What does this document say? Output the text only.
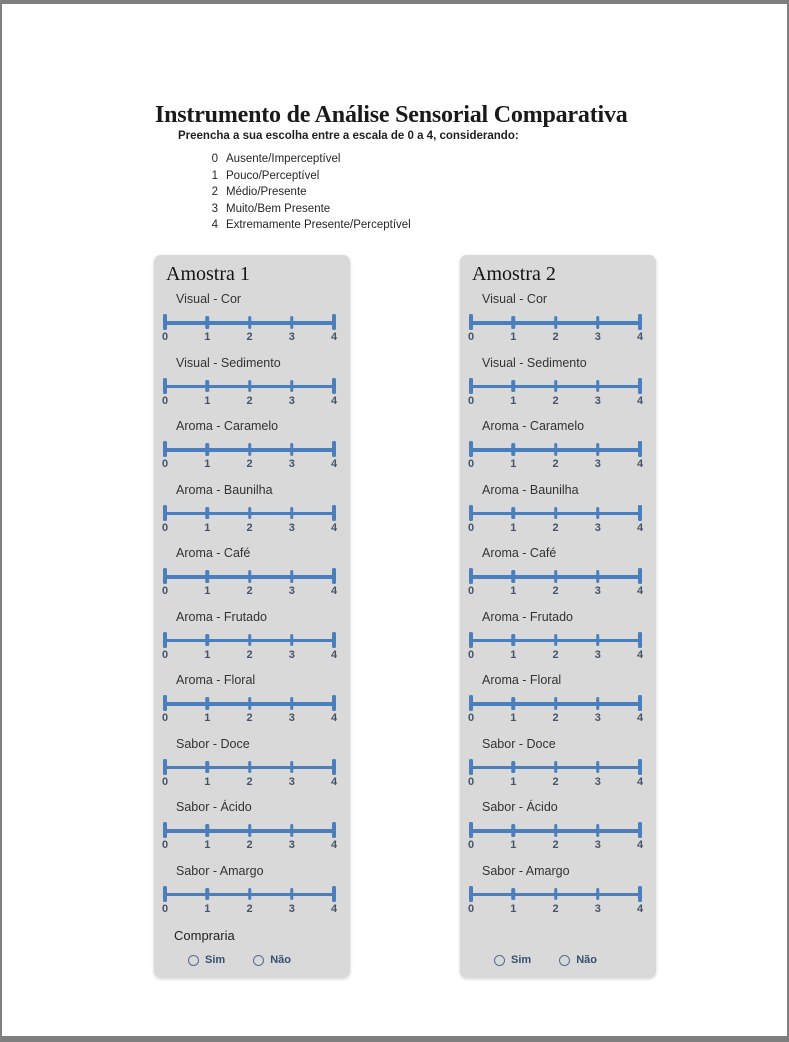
Instrumento de Análise Sensorial Comparativa
Preencha a sua escolha entre a escala de 0 a 4, considerando:
0 Ausente/Imperceptível
1 Pouco/Perceptível
2 Médio/Presente
3 Muito/Bem Presente
4 Extremamente Presente/Perceptível
Amostra 1
Visual - Cor
0	1	2	3	4
Visual - Sedimento
0	1	2	3	4
Aroma - Caramelo
0	1	2	3	4
Aroma - Baunilha
0	1	2	3	4
Aroma - Café
0	1	2	3	4
Aroma - Frutado
0	1	2	3	4
Aroma - Floral
0	1	2	3	4
Sabor - Doce
0	1	2	3	4
Sabor - Ácido
0	1	2	3	4
Sabor - Amargo
0	1	2	3	4
Compraria
Sim	Não
Amostra 2
Visual - Cor
0	1	2	3	4
Visual - Sedimento
0	1	2	3	4
Aroma - Caramelo
0	1	2	3	4
Aroma - Baunilha
0	1	2	3	4
Aroma - Café
0	1	2	3	4
Aroma - Frutado
0	1	2	3	4
Aroma - Floral
0	1	2	3	4
Sabor - Doce
0	1	2	3	4
Sabor - Ácido
0	1	2	3	4
Sabor - Amargo
0	1	2	3	4
Sim	Não
